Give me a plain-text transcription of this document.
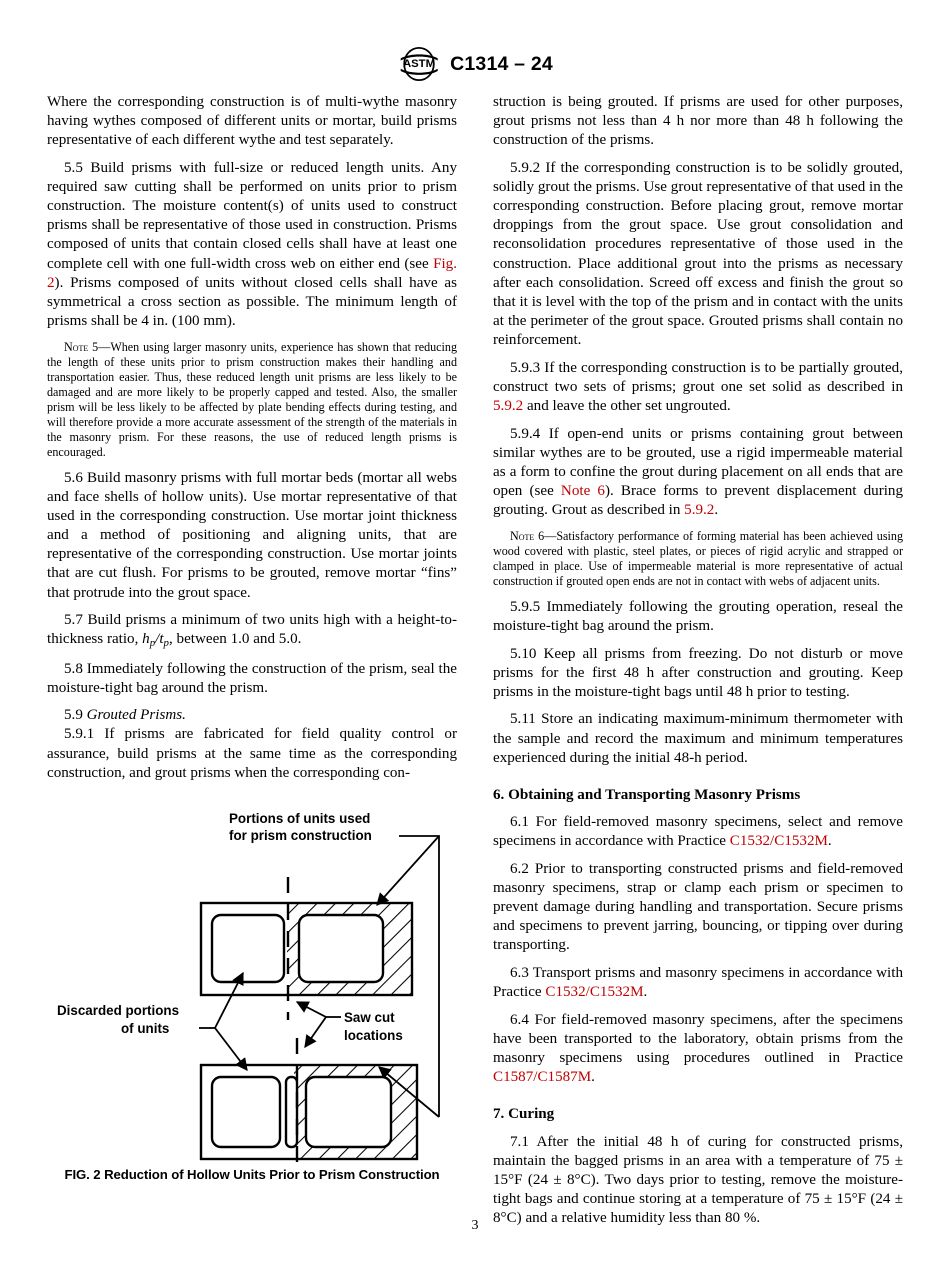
ASTM C1314 – 24

Where the corresponding construction is of multi-wythe masonry having wythes composed of different units or mortar, build prisms representative of each different wythe and test separately.

5.5 Build prisms with full-size or reduced length units. Any required saw cutting shall be performed on units prior to prism construction. The moisture content(s) of units used to construct prisms shall be representative of those used in construction. Prisms composed of units that contain closed cells shall have at least one complete cell with one full-width cross web on either end (see Fig. 2). Prisms composed of units without closed cells shall have as symmetrical a cross section as possible. The minimum length of prisms shall be 4 in. (100 mm).

Note 5—When using larger masonry units, experience has shown that reducing the length of these units prior to prism construction makes their handling and transportation easier. Thus, these reduced length unit prisms are less likely to be damaged and are more likely to be properly capped and tested. Also, the smaller prism will be less likely to be affected by plate bending effects during testing, and will therefore provide a more accurate assessment of the strength of the materials in the masonry prism. For these reasons, the use of reduced length prisms is encouraged.

5.6 Build masonry prisms with full mortar beds (mortar all webs and face shells of hollow units). Use mortar representative of that used in the corresponding construction. Use mortar joint thickness and a method of positioning and aligning units, that are representative of the corresponding construction. Use mortar joints that are cut flush. For prisms to be grouted, remove mortar “fins” that protrude into the grout space.

5.7 Build prisms a minimum of two units high with a height-to-thickness ratio, $h_p/t_p$, between 1.0 and 5.0.

5.8 Immediately following the construction of the prism, seal the moisture-tight bag around the prism.

5.9 Grouted Prisms.

5.9.1 If prisms are fabricated for field quality control or assurance, build prisms at the same time as the corresponding construction, and grout prisms when the corresponding con-

Portions of units used
for prism construction
Discarded portions
of units
Saw cut
locations
FIG. 2 Reduction of Hollow Units Prior to Prism Construction

struction is being grouted. If prisms are used for other purposes, grout prisms not less than 4 h nor more than 48 h following the construction of the prisms.

5.9.2 If the corresponding construction is to be solidly grouted, solidly grout the prisms. Use grout representative of that used in the corresponding construction. Before placing grout, remove mortar droppings from the grout space. Use grout consolidation and reconsolidation procedures representative of those used in the construction. Place additional grout into the prisms as necessary after each consolidation. Screed off excess and finish the grout so that it is level with the top of the prism and in contact with the units at the perimeter of the grout space. Grouted prisms shall contain no reinforcement.

5.9.3 If the corresponding construction is to be partially grouted, construct two sets of prisms; grout one set solid as described in 5.9.2 and leave the other set ungrouted.

5.9.4 If open-end units or prisms containing grout between similar wythes are to be grouted, use a rigid impermeable material as a form to confine the grout during placement on all ends that are open (see Note 6). Brace forms to prevent displacement during grouting. Grout as described in 5.9.2.

Note 6—Satisfactory performance of forming material has been achieved using wood covered with plastic, steel plates, or pieces of rigid acrylic and strapped or clamped in place. Use of impermeable material is more representative of actual construction if grouted open ends are not in contact with webs of adjacent units.

5.9.5 Immediately following the grouting operation, reseal the moisture-tight bag around the prism.

5.10 Keep all prisms from freezing. Do not disturb or move prisms for the first 48 h after construction and grouting. Keep prisms in the moisture-tight bags until 48 h prior to testing.

5.11 Store an indicating maximum-minimum thermometer with the sample and record the maximum and minimum temperatures experienced during the initial 48-h period.

6. Obtaining and Transporting Masonry Prisms

6.1 For field-removed masonry specimens, select and remove specimens in accordance with Practice C1532/C1532M.

6.2 Prior to transporting constructed prisms and field-removed masonry specimens, strap or clamp each prism or specimen to prevent damage during handling and transportation. Secure prisms and specimens to prevent jarring, bouncing, or tipping over during transporting.

6.3 Transport prisms and masonry specimens in accordance with Practice C1532/C1532M.

6.4 For field-removed masonry specimens, after the specimens have been transported to the laboratory, obtain prisms from the masonry specimens using procedures outlined in Practice C1587/C1587M.

7. Curing

7.1 After the initial 48 h of curing for constructed prisms, maintain the bagged prisms in an area with a temperature of 75 ± 15°F (24 ± 8°C). Two days prior to testing, remove the moisture-tight bags and continue storing at a temperature of 75 ± 15°F (24 ± 8°C) and a relative humidity less than 80 %.

3
